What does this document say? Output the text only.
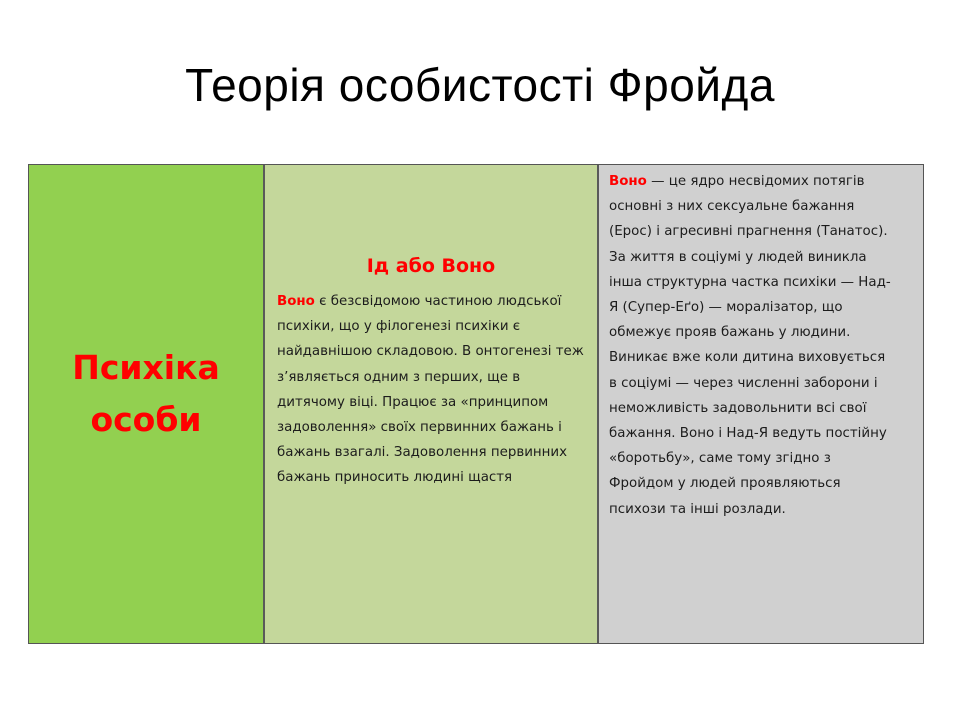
Теорія особистості Фройда
Психіка
особи
Ід або Воно
Воно є безсвідомою частиною людської психіки, що у філогенезі психіки є найдавнішою складовою. В онтогенезі теж з’являється одним з перших, ще в дитячому віці. Працює за «принципом задоволення» своїх первинних бажань і бажань взагалі. Задоволення первинних бажань приносить людині щастя
Воно — це ядро несвідомих потягів основні з них сексуальне бажання (Ерос) і агресивні прагнення (Танатос). За життя в соціумі у людей виникла інша структурна частка психіки — Над-Я (Супер-Еґо) — моралізатор, що обмежує прояв бажань у людини. Виникає вже коли дитина виховується в соціумі — через численні заборони і неможливість задовольнити всі свої бажання. Воно і Над-Я ведуть постійну «боротьбу», саме тому згідно з Фройдом у людей проявляються психози та інші розлади.
